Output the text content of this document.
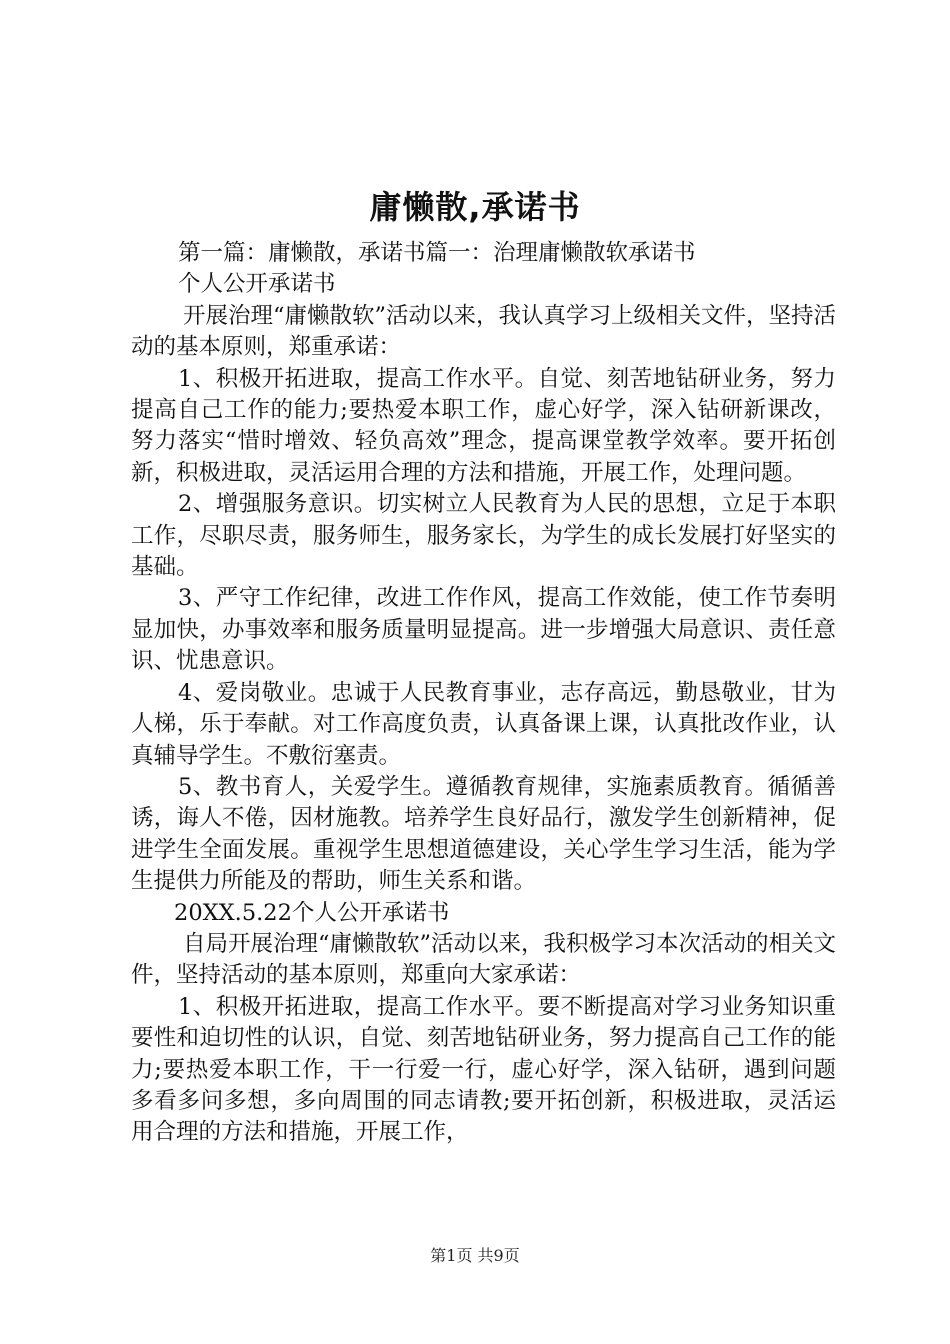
庸懒散,承诺书

第一篇：庸懒散，承诺书篇一：治理庸懒散软承诺书

个人公开承诺书

开展治理“庸懒散软”活动以来，我认真学习上级相关文件，坚持活动的基本原则，郑重承诺：

1、积极开拓进取，提高工作水平。自觉、刻苦地钻研业务，努力提高自己工作的能力;要热爱本职工作，虚心好学，深入钻研新课改，努力落实“惜时增效、轻负高效”理念，提高课堂教学效率。要开拓创新，积极进取，灵活运用合理的方法和措施，开展工作，处理问题。

2、增强服务意识。切实树立人民教育为人民的思想，立足于本职工作，尽职尽责，服务师生，服务家长，为学生的成长发展打好坚实的基础。

3、严守工作纪律，改进工作作风，提高工作效能，使工作节奏明显加快，办事效率和服务质量明显提高。进一步增强大局意识、责任意识、忧患意识。

4、爱岗敬业。忠诚于人民教育事业，志存高远，勤恳敬业，甘为人梯，乐于奉献。对工作高度负责，认真备课上课，认真批改作业，认真辅导学生。不敷衍塞责。

5、教书育人，关爱学生。遵循教育规律，实施素质教育。循循善诱，诲人不倦，因材施教。培养学生良好品行，激发学生创新精神，促进学生全面发展。重视学生思想道德建设，关心学生学习生活，能为学生提供力所能及的帮助，师生关系和谐。

20XX.5.22个人公开承诺书

自局开展治理“庸懒散软”活动以来，我积极学习本次活动的相关文件，坚持活动的基本原则，郑重向大家承诺：

1、积极开拓进取，提高工作水平。要不断提高对学习业务知识重要性和迫切性的认识，自觉、刻苦地钻研业务，努力提高自己工作的能力;要热爱本职工作，干一行爱一行，虚心好学，深入钻研，遇到问题多看多问多想，多向周围的同志请教;要开拓创新，积极进取，灵活运用合理的方法和措施，开展工作，

第1页 共9页
